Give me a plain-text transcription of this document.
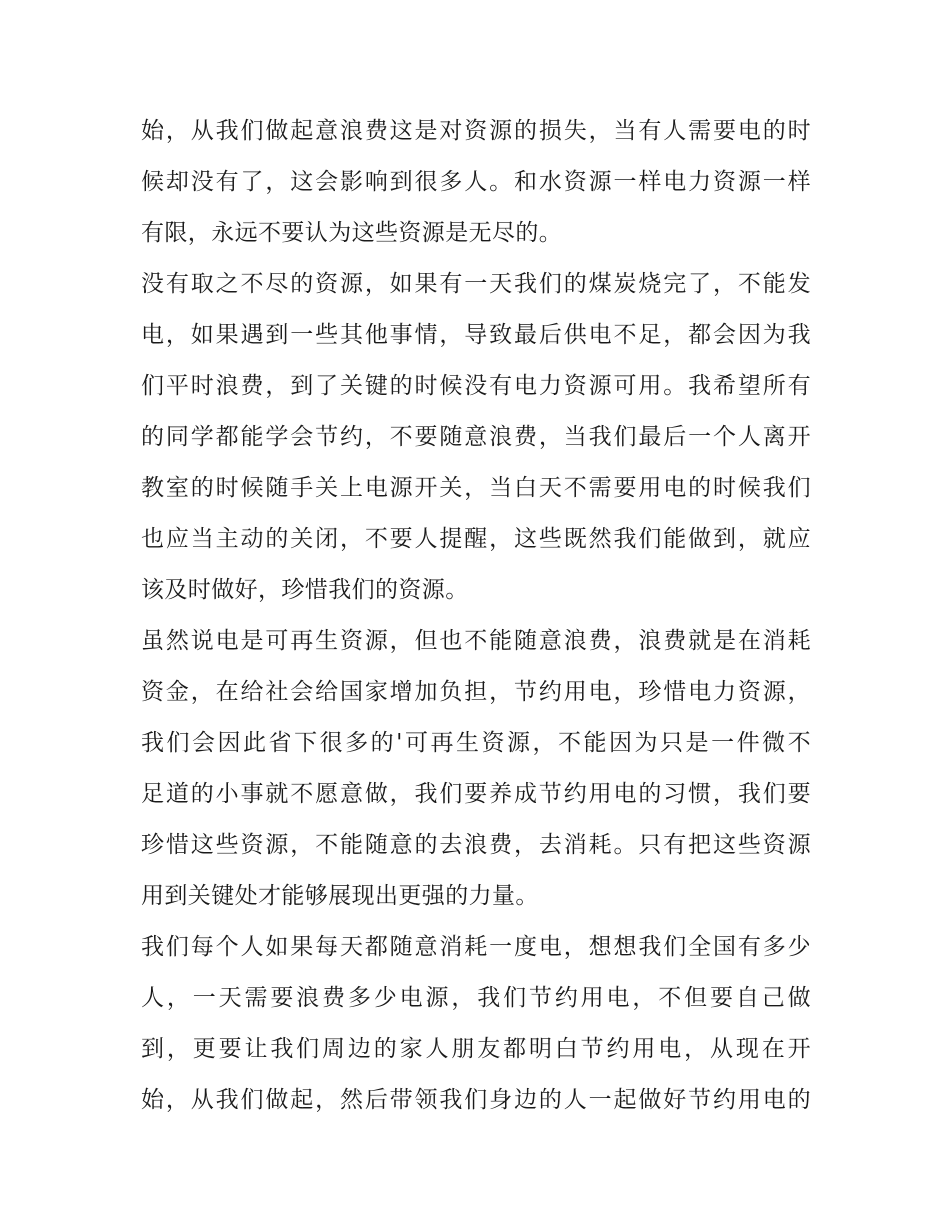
始，从我们做起意浪费这是对资源的损失，当有人需要电的时
候却没有了，这会影响到很多人。和水资源一样电力资源一样
有限，永远不要认为这些资源是无尽的。
没有取之不尽的资源，如果有一天我们的煤炭烧完了，不能发
电，如果遇到一些其他事情，导致最后供电不足，都会因为我
们平时浪费，到了关键的时候没有电力资源可用。我希望所有
的同学都能学会节约，不要随意浪费，当我们最后一个人离开
教室的时候随手关上电源开关，当白天不需要用电的时候我们
也应当主动的关闭，不要人提醒，这些既然我们能做到，就应
该及时做好，珍惜我们的资源。
虽然说电是可再生资源，但也不能随意浪费，浪费就是在消耗
资金，在给社会给国家增加负担，节约用电，珍惜电力资源，
我们会因此省下很多的'可再生资源，不能因为只是一件微不
足道的小事就不愿意做，我们要养成节约用电的习惯，我们要
珍惜这些资源，不能随意的去浪费，去消耗。只有把这些资源
用到关键处才能够展现出更强的力量。
我们每个人如果每天都随意消耗一度电，想想我们全国有多少
人，一天需要浪费多少电源，我们节约用电，不但要自己做
到，更要让我们周边的家人朋友都明白节约用电，从现在开
始，从我们做起，然后带领我们身边的人一起做好节约用电的
